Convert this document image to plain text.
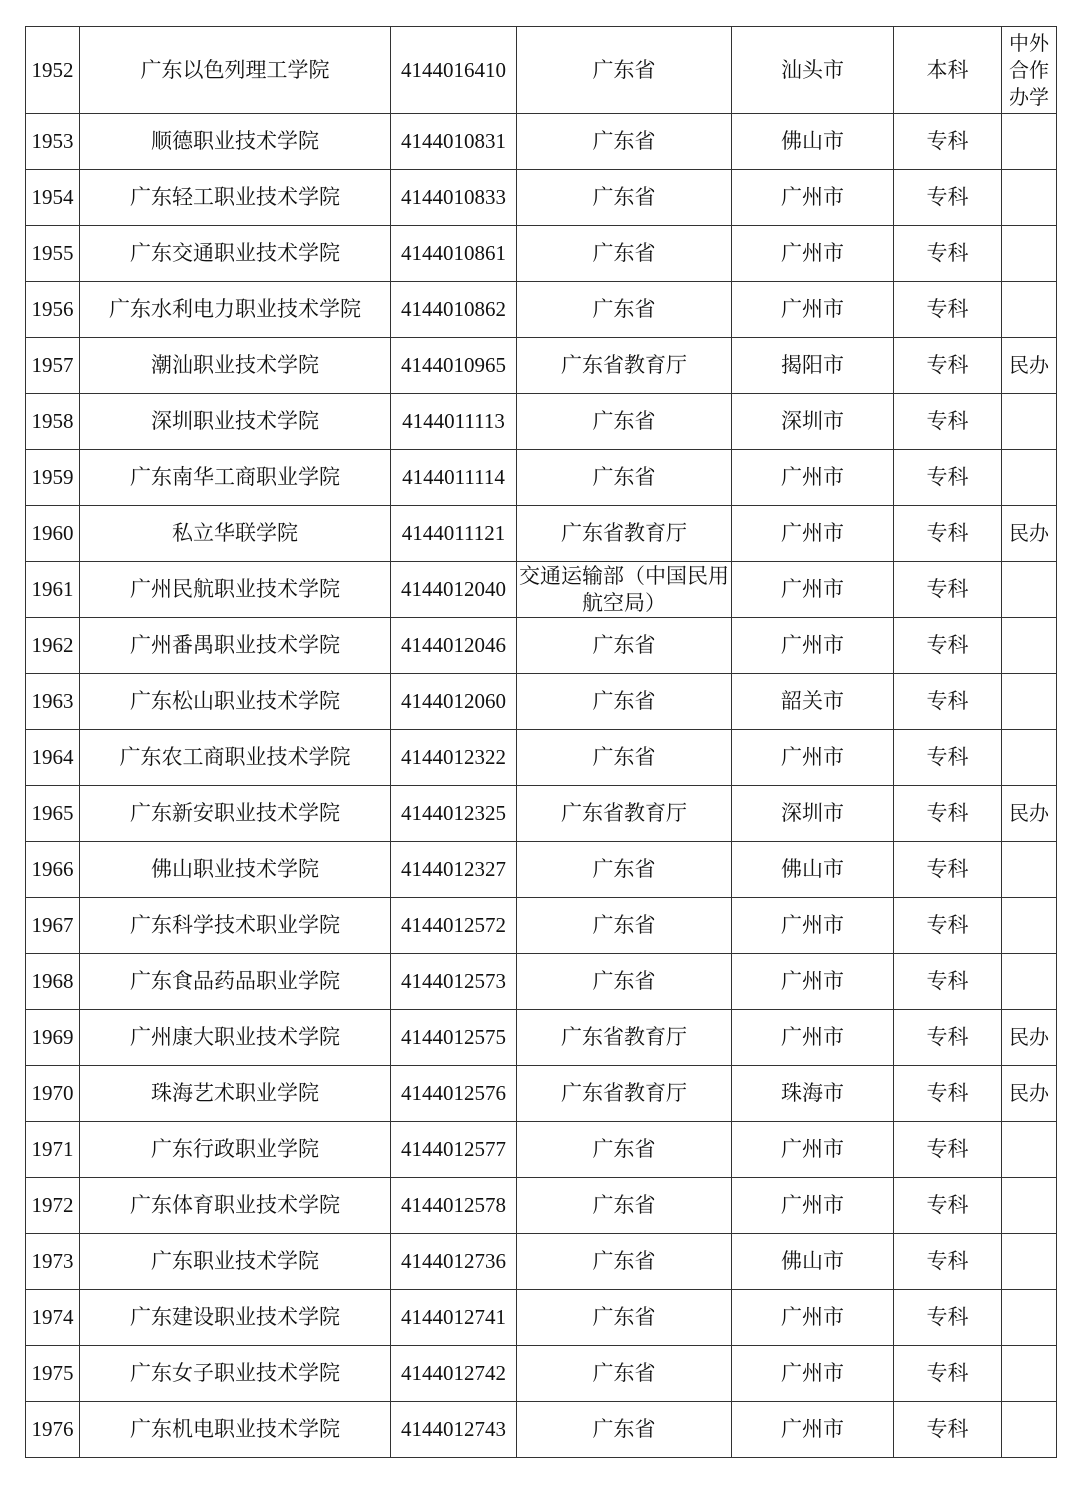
1952	广东以色列理工学院	4144016410	广东省	汕头市	本科	中外合作办学
1953	顺德职业技术学院	4144010831	广东省	佛山市	专科	
1954	广东轻工职业技术学院	4144010833	广东省	广州市	专科	
1955	广东交通职业技术学院	4144010861	广东省	广州市	专科	
1956	广东水利电力职业技术学院	4144010862	广东省	广州市	专科	
1957	潮汕职业技术学院	4144010965	广东省教育厅	揭阳市	专科	民办
1958	深圳职业技术学院	4144011113	广东省	深圳市	专科	
1959	广东南华工商职业学院	4144011114	广东省	广州市	专科	
1960	私立华联学院	4144011121	广东省教育厅	广州市	专科	民办
1961	广州民航职业技术学院	4144012040	交通运输部（中国民用航空局）	广州市	专科	
1962	广州番禺职业技术学院	4144012046	广东省	广州市	专科	
1963	广东松山职业技术学院	4144012060	广东省	韶关市	专科	
1964	广东农工商职业技术学院	4144012322	广东省	广州市	专科	
1965	广东新安职业技术学院	4144012325	广东省教育厅	深圳市	专科	民办
1966	佛山职业技术学院	4144012327	广东省	佛山市	专科	
1967	广东科学技术职业学院	4144012572	广东省	广州市	专科	
1968	广东食品药品职业学院	4144012573	广东省	广州市	专科	
1969	广州康大职业技术学院	4144012575	广东省教育厅	广州市	专科	民办
1970	珠海艺术职业学院	4144012576	广东省教育厅	珠海市	专科	民办
1971	广东行政职业学院	4144012577	广东省	广州市	专科	
1972	广东体育职业技术学院	4144012578	广东省	广州市	专科	
1973	广东职业技术学院	4144012736	广东省	佛山市	专科	
1974	广东建设职业技术学院	4144012741	广东省	广州市	专科	
1975	广东女子职业技术学院	4144012742	广东省	广州市	专科	
1976	广东机电职业技术学院	4144012743	广东省	广州市	专科	
